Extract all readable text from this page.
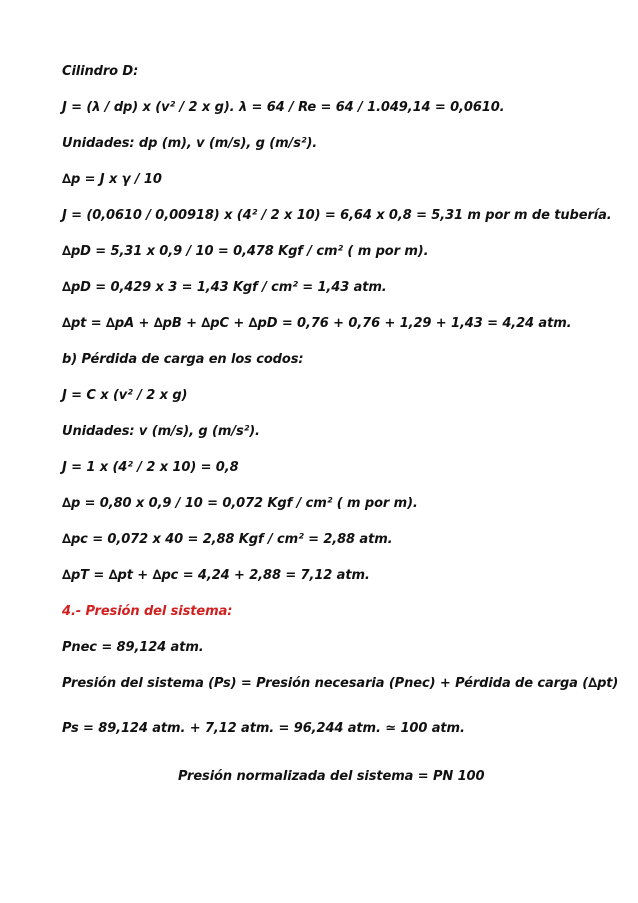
Cilindro D:
J = (λ / dp) x (v² / 2 x g). λ = 64 / Re = 64 / 1.049,14 = 0,0610.
Unidades: dp (m), v (m/s), g (m/s²).
∆p = J x γ / 10
J = (0,0610 / 0,00918) x (4² / 2 x 10) = 6,64 x 0,8 = 5,31 m por m de tubería.
∆pD = 5,31 x 0,9 / 10 = 0,478 Kgf / cm² ( m por m).
∆pD = 0,429 x 3 = 1,43 Kgf / cm² = 1,43 atm.
∆pt = ∆pA + ∆pB + ∆pC + ∆pD = 0,76 + 0,76 + 1,29 + 1,43 = 4,24 atm.
b) Pérdida de carga en los codos:
J = C x (v² / 2 x g)
Unidades: v (m/s), g (m/s²).
J = 1 x (4² / 2 x 10) = 0,8
∆p = 0,80 x 0,9 / 10 = 0,072 Kgf / cm² ( m por m).
∆pc = 0,072 x 40 = 2,88 Kgf / cm² = 2,88 atm.
∆pT = ∆pt + ∆pc = 4,24 + 2,88 = 7,12 atm.
4.- Presión del sistema:
Pnec = 89,124 atm.
Presión del sistema (Ps) = Presión necesaria (Pnec) + Pérdida de carga (∆pt)
Ps = 89,124 atm. + 7,12 atm. = 96,244 atm. ≃ 100 atm.
Presión normalizada del sistema = PN 100
